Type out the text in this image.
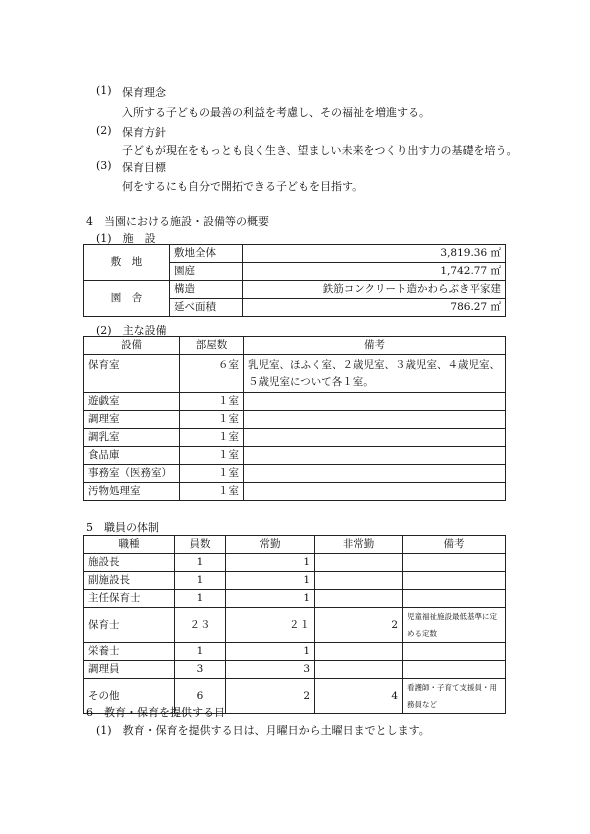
(1) 保育理念
入所する子どもの最善の利益を考慮し、その福祉を増進する。
(2) 保育方針
子どもが現在をもっとも良く生き、望ましい未来をつくり出す力の基礎を培う。
(3) 保育目標
何をするにも自分で開拓できる子どもを目指す。
4　当園における施設・設備等の概要
(1)　施　設
敷　地	敷地全体	3,819.36 ㎡
	園庭	1,742.77 ㎡
園　舎	構造	鉄筋コンクリート造かわらぶき平家建
	延べ面積	786.27 ㎡
(2)　主な設備
設備	部屋数	備考
保育室	６室	乳児室、ほふく室、２歳児室、３歳児室、４歳児室、５歳児室について各１室。
遊戯室	１室	
調理室	１室	
調乳室	１室	
食品庫	１室	
事務室（医務室）	１室	
汚物処理室	１室	
5　職員の体制
職種	員数	常勤	非常勤	備考
施設長	1	1		
副施設長	1	1		
主任保育士	1	1		
保育士	２３	２１	2	児童福祉施設最低基準に定める定数
栄養士	1	1		
調理員	3	3		
その他	6	2	4	看護師・子育て支援員・用務員など
6　教育・保育を提供する日
(1)　教育・保育を提供する日は、月曜日から土曜日までとします。
